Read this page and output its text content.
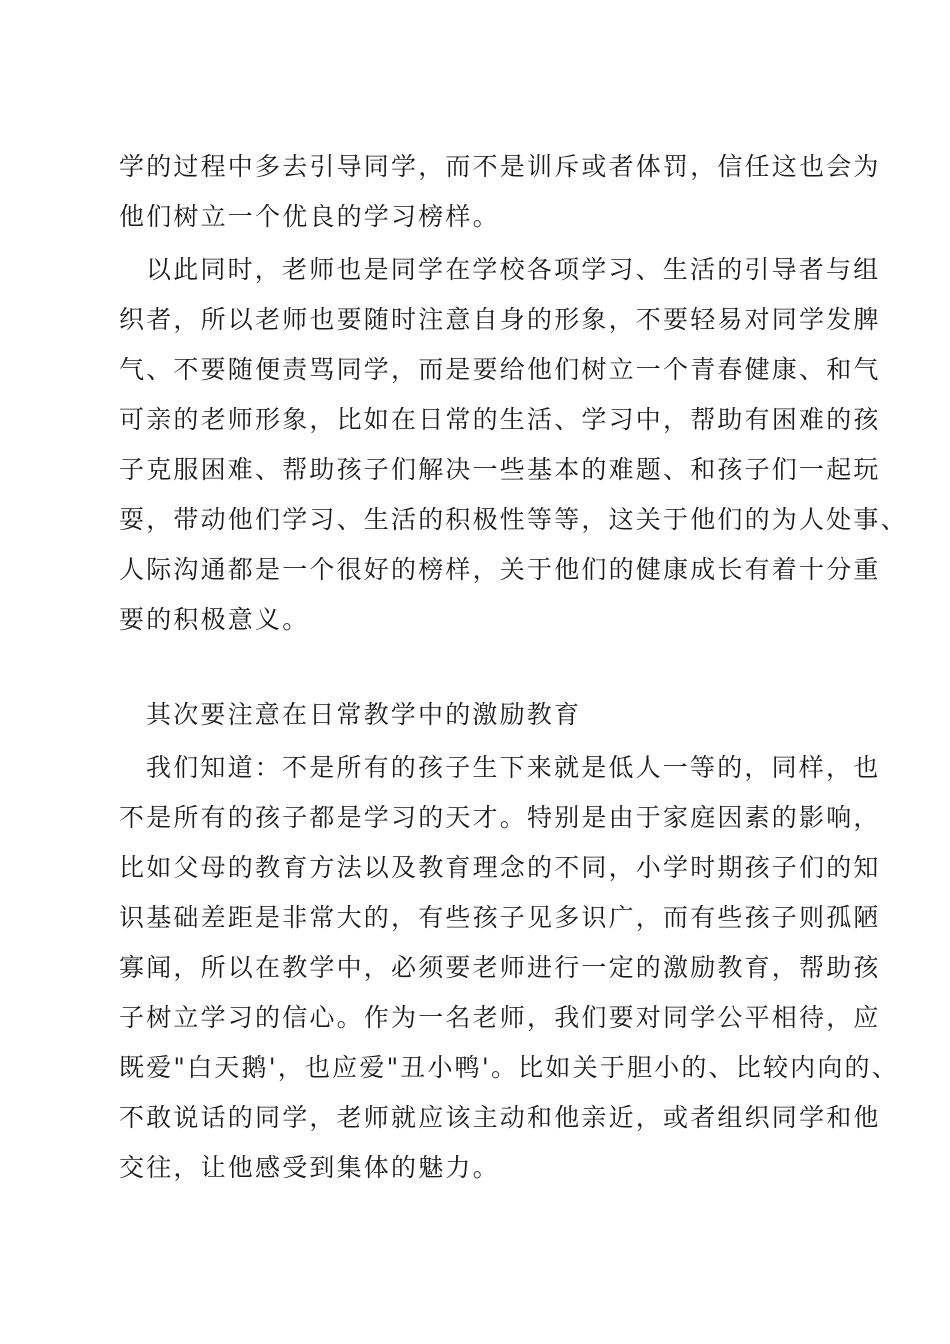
学的过程中多去引导同学，而不是训斥或者体罚，信任这也会为
他们树立一个优良的学习榜样。
以此同时，老师也是同学在学校各项学习、生活的引导者与组
织者，所以老师也要随时注意自身的形象，不要轻易对同学发脾
气、不要随便责骂同学，而是要给他们树立一个青春健康、和气
可亲的老师形象，比如在日常的生活、学习中，帮助有困难的孩
子克服困难、帮助孩子们解决一些基本的难题、和孩子们一起玩
耍，带动他们学习、生活的积极性等等，这关于他们的为人处事、
人际沟通都是一个很好的榜样，关于他们的健康成长有着十分重
要的积极意义。
其次要注意在日常教学中的激励教育
我们知道：不是所有的孩子生下来就是低人一等的，同样，也
不是所有的孩子都是学习的天才。特别是由于家庭因素的影响，
比如父母的教育方法以及教育理念的不同，小学时期孩子们的知
识基础差距是非常大的，有些孩子见多识广，而有些孩子则孤陋
寡闻，所以在教学中，必须要老师进行一定的激励教育，帮助孩
子树立学习的信心。作为一名老师，我们要对同学公平相待，应
既爱"白天鹅'，也应爱"丑小鸭'。比如关于胆小的、比较内向的、
不敢说话的同学，老师就应该主动和他亲近，或者组织同学和他
交往，让他感受到集体的魅力。
